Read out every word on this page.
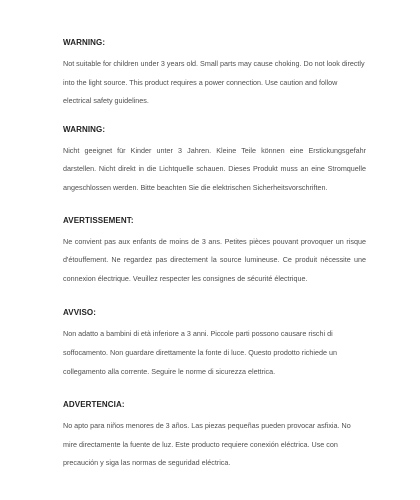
WARNING:

Not suitable for children under 3 years old. Small parts may cause choking. Do not look directly into the light source. This product requires a power connection. Use caution and follow electrical safety guidelines.

WARNING:

Nicht geeignet für Kinder unter 3 Jahren. Kleine Teile können eine Erstickungsgefahr darstellen. Nicht direkt in die Lichtquelle schauen. Dieses Produkt muss an eine Stromquelle angeschlossen werden. Bitte beachten Sie die elektrischen Sicherheitsvorschriften.

AVERTISSEMENT:

Ne convient pas aux enfants de moins de 3 ans. Petites pièces pouvant provoquer un risque d'étouffement. Ne regardez pas directement la source lumineuse. Ce produit nécessite une connexion électrique. Veuillez respecter les consignes de sécurité électrique.

AVVISO:

Non adatto a bambini di età inferiore a 3 anni. Piccole parti possono causare rischi di soffocamento. Non guardare direttamente la fonte di luce. Questo prodotto richiede un collegamento alla corrente. Seguire le norme di sicurezza elettrica.

ADVERTENCIA:

No apto para niños menores de 3 años. Las piezas pequeñas pueden provocar asfixia. No mire directamente la fuente de luz. Este producto requiere conexión eléctrica. Use con precaución y siga las normas de seguridad eléctrica.
